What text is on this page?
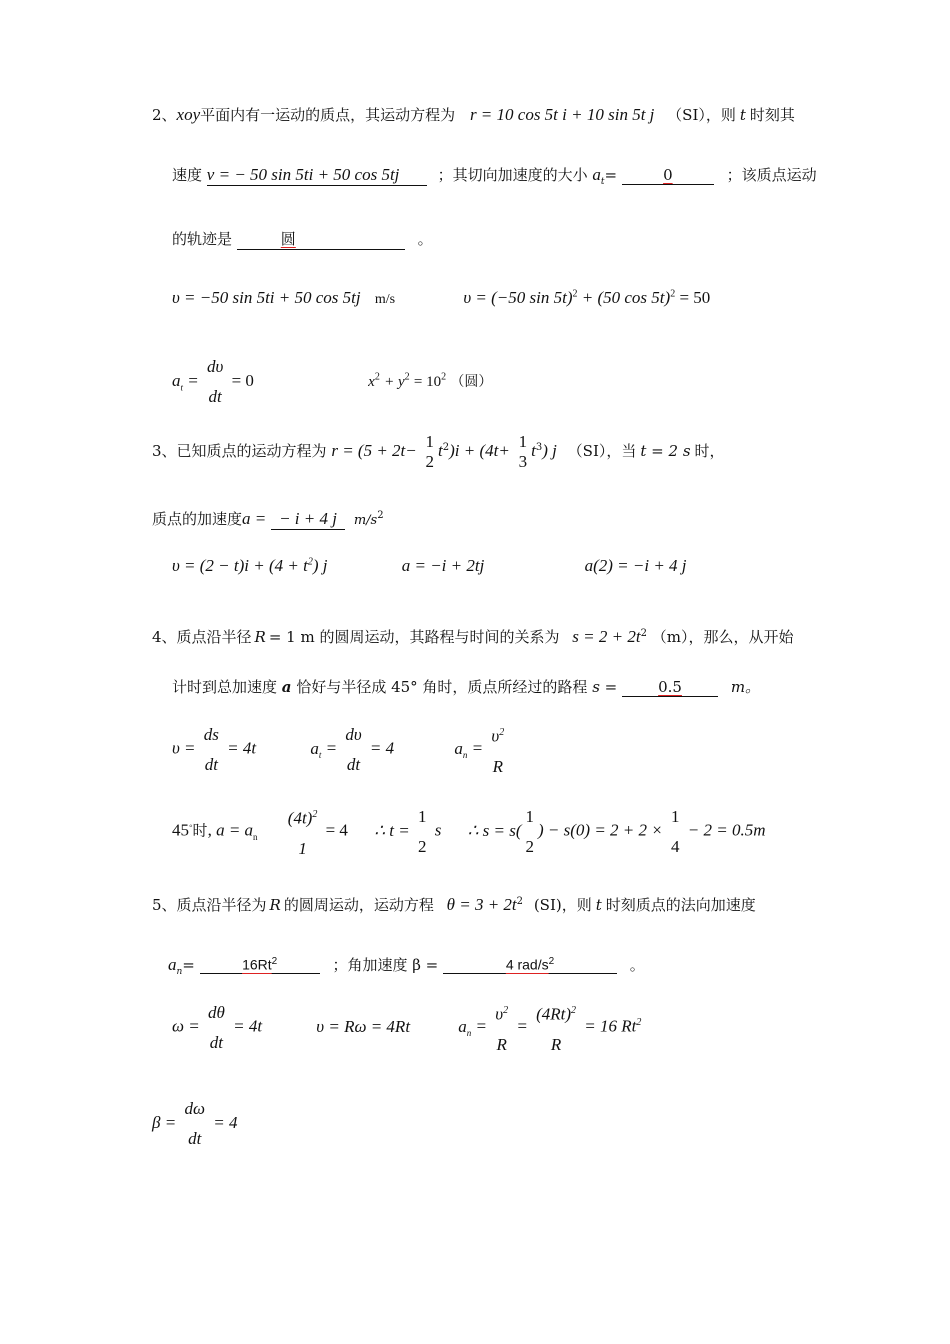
2、xoy平面内有一运动的质点，其运动方程为 r = 10 cos 5t i + 10 sin 5t j （SI），则 t 时刻其
速度 v = − 50 sin 5ti + 50 cos 5tj	；其切向加速度的大小 $a_t=$	0	；该质点运动
的轨迹是	圆	。
υ = −50 sin 5ti + 50 cos 5tj m/s	υ = (−50 sin 5t)$^2$ + (50 cos 5t)$^2$ = 50
$a_t$ =
dυ
dt
= 0	$x^2 + y^2 = 10^2$ （圆）
3、已知质点的运动方程为 r = (5 + 2t− 1
2
$t^2)i + (4t+ 1$
3
$t^3$) j （SI），当 t = 2 s 时，
质点的加速度a = − i + 4 j $m/s^2$
$\upsilon = (2 - t)i + (4 + t^2)$ j	a = −i + 2tj	a(2) = −i + 4 j
4、质点沿半径 R = 1 m 的圆周运动，其路程与时间的关系为 $s = 2 + 2t^2$ （m），那么，从开始
计时到总加速度 a 恰好与半径成 45° 角时，质点所经过的路程 s =	0.5	m。
υ =
ds
dt
= 4t	$a_t$ =
dυ
dt
= 4	$a_n$ =
$\upsilon^2$
R
45◦时, $a = a_n$
$(4t)^2$
1
= 4 ∴ t =
1
2
s ∴ s = s(
1
2
) − s(0) = 2 + 2 ×
1
4
− 2 = 0.5m
5、质点沿半径为 R 的圆周运动，运动方程 $\theta = 3 + 2t^2$ (SI)，则 t 时刻质点的法向加速度
$a_n=$	$16Rt^2$	；角加速度 β =	4 rad/$s^2$	。
ω =
dθ
dt
= 4t	υ = Rω = 4Rt	$a_n$ =
$\upsilon^2$
R
=
$(4Rt)^2$
R
= 16 Rt$^2$
β =
dω
dt
= 4
